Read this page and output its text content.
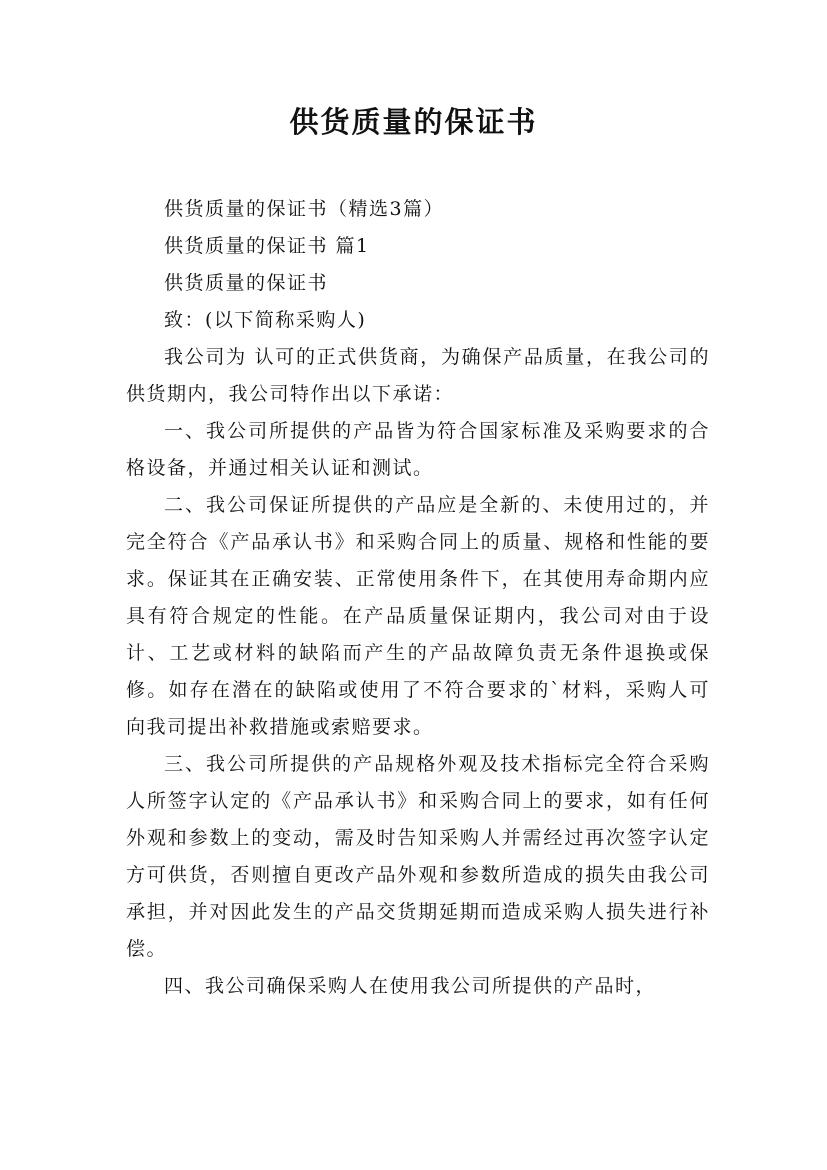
供货质量的保证书

供货质量的保证书（精选3篇）

供货质量的保证书 篇1

供货质量的保证书

致：(以下简称采购人)

我公司为 认可的正式供货商，为确保产品质量，在我公司的供货期内，我公司特作出以下承诺：

一、我公司所提供的产品皆为符合国家标准及采购要求的合格设备，并通过相关认证和测试。

二、我公司保证所提供的产品应是全新的、未使用过的，并完全符合《产品承认书》和采购合同上的质量、规格和性能的要求。保证其在正确安装、正常使用条件下，在其使用寿命期内应具有符合规定的性能。在产品质量保证期内，我公司对由于设计、工艺或材料的缺陷而产生的产品故障负责无条件退换或保修。如存在潜在的缺陷或使用了不符合要求的`材料，采购人可向我司提出补救措施或索赔要求。

三、我公司所提供的产品规格外观及技术指标完全符合采购人所签字认定的《产品承认书》和采购合同上的要求，如有任何外观和参数上的变动，需及时告知采购人并需经过再次签字认定方可供货，否则擅自更改产品外观和参数所造成的损失由我公司承担，并对因此发生的产品交货期延期而造成采购人损失进行补偿。

四、我公司确保采购人在使用我公司所提供的产品时，
